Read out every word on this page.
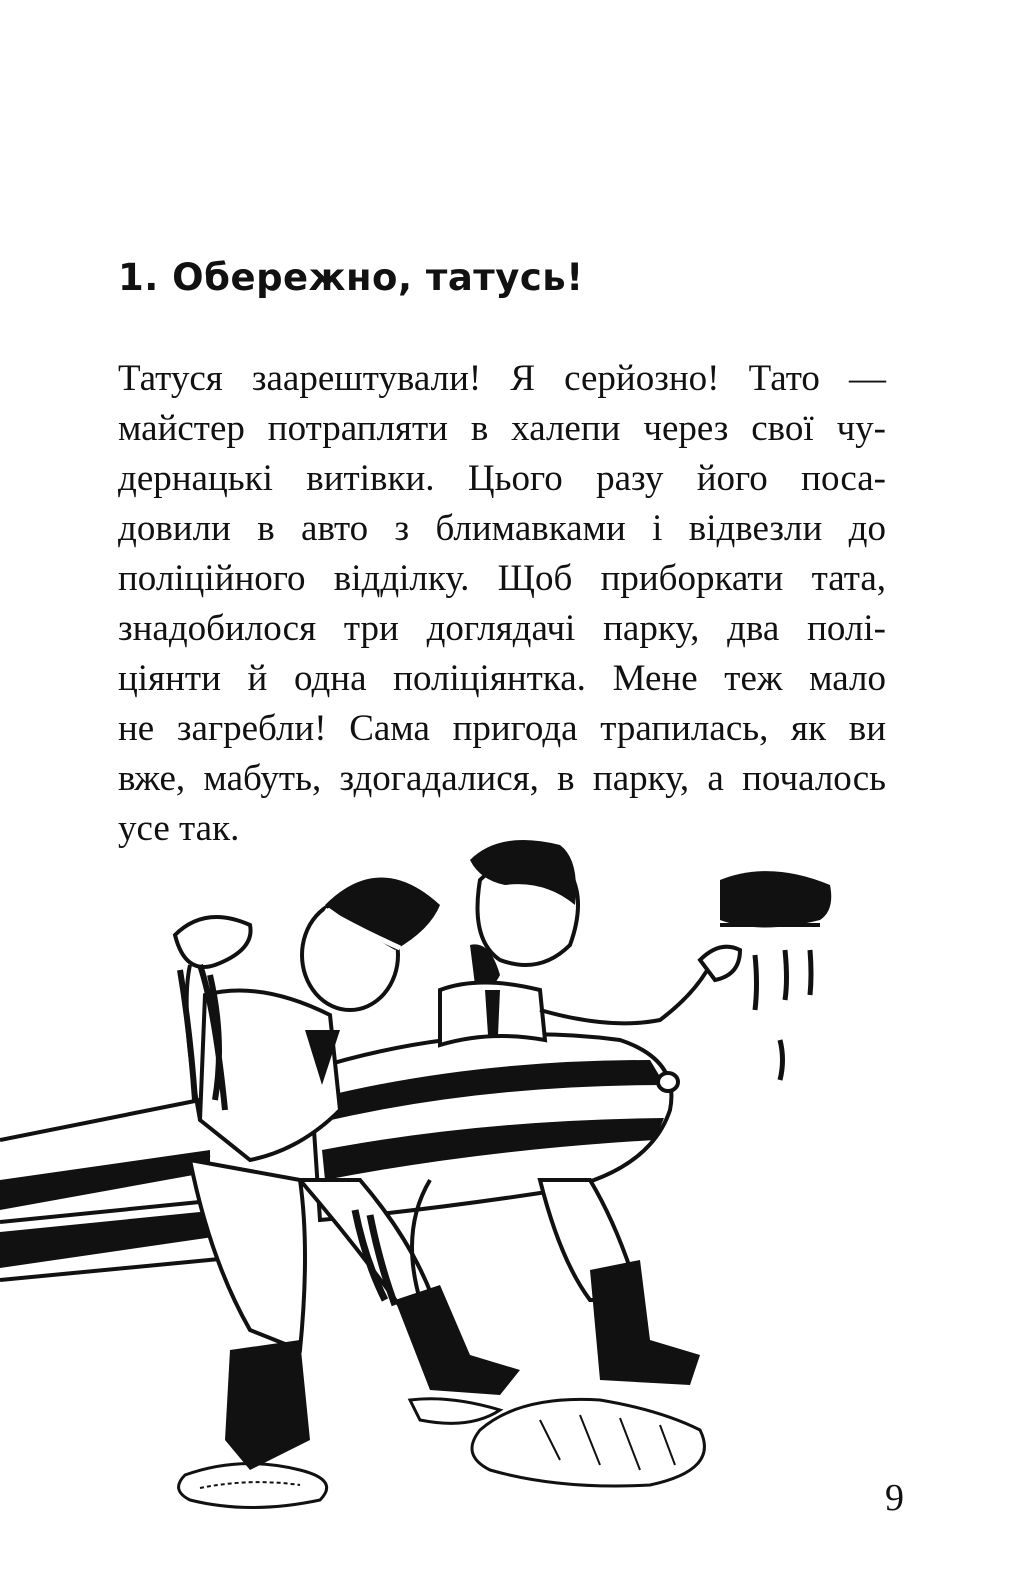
1. Обережно, татусь!

Татуся заарештували! Я серйозно! Тато —
майстер потрапляти в халепи через свої чу-
дернацькі витівки. Цього разу його поса-
довили в авто з блимавками і відвезли до
поліційного відділку. Щоб приборкати тата,
знадобилося три доглядачі парку, два полі-
ціянти й одна поліціянтка. Мене теж мало
не загребли! Сама пригода трапилась, як ви
вже, мабуть, здогадалися, в парку, а почалось
усе так.

9
